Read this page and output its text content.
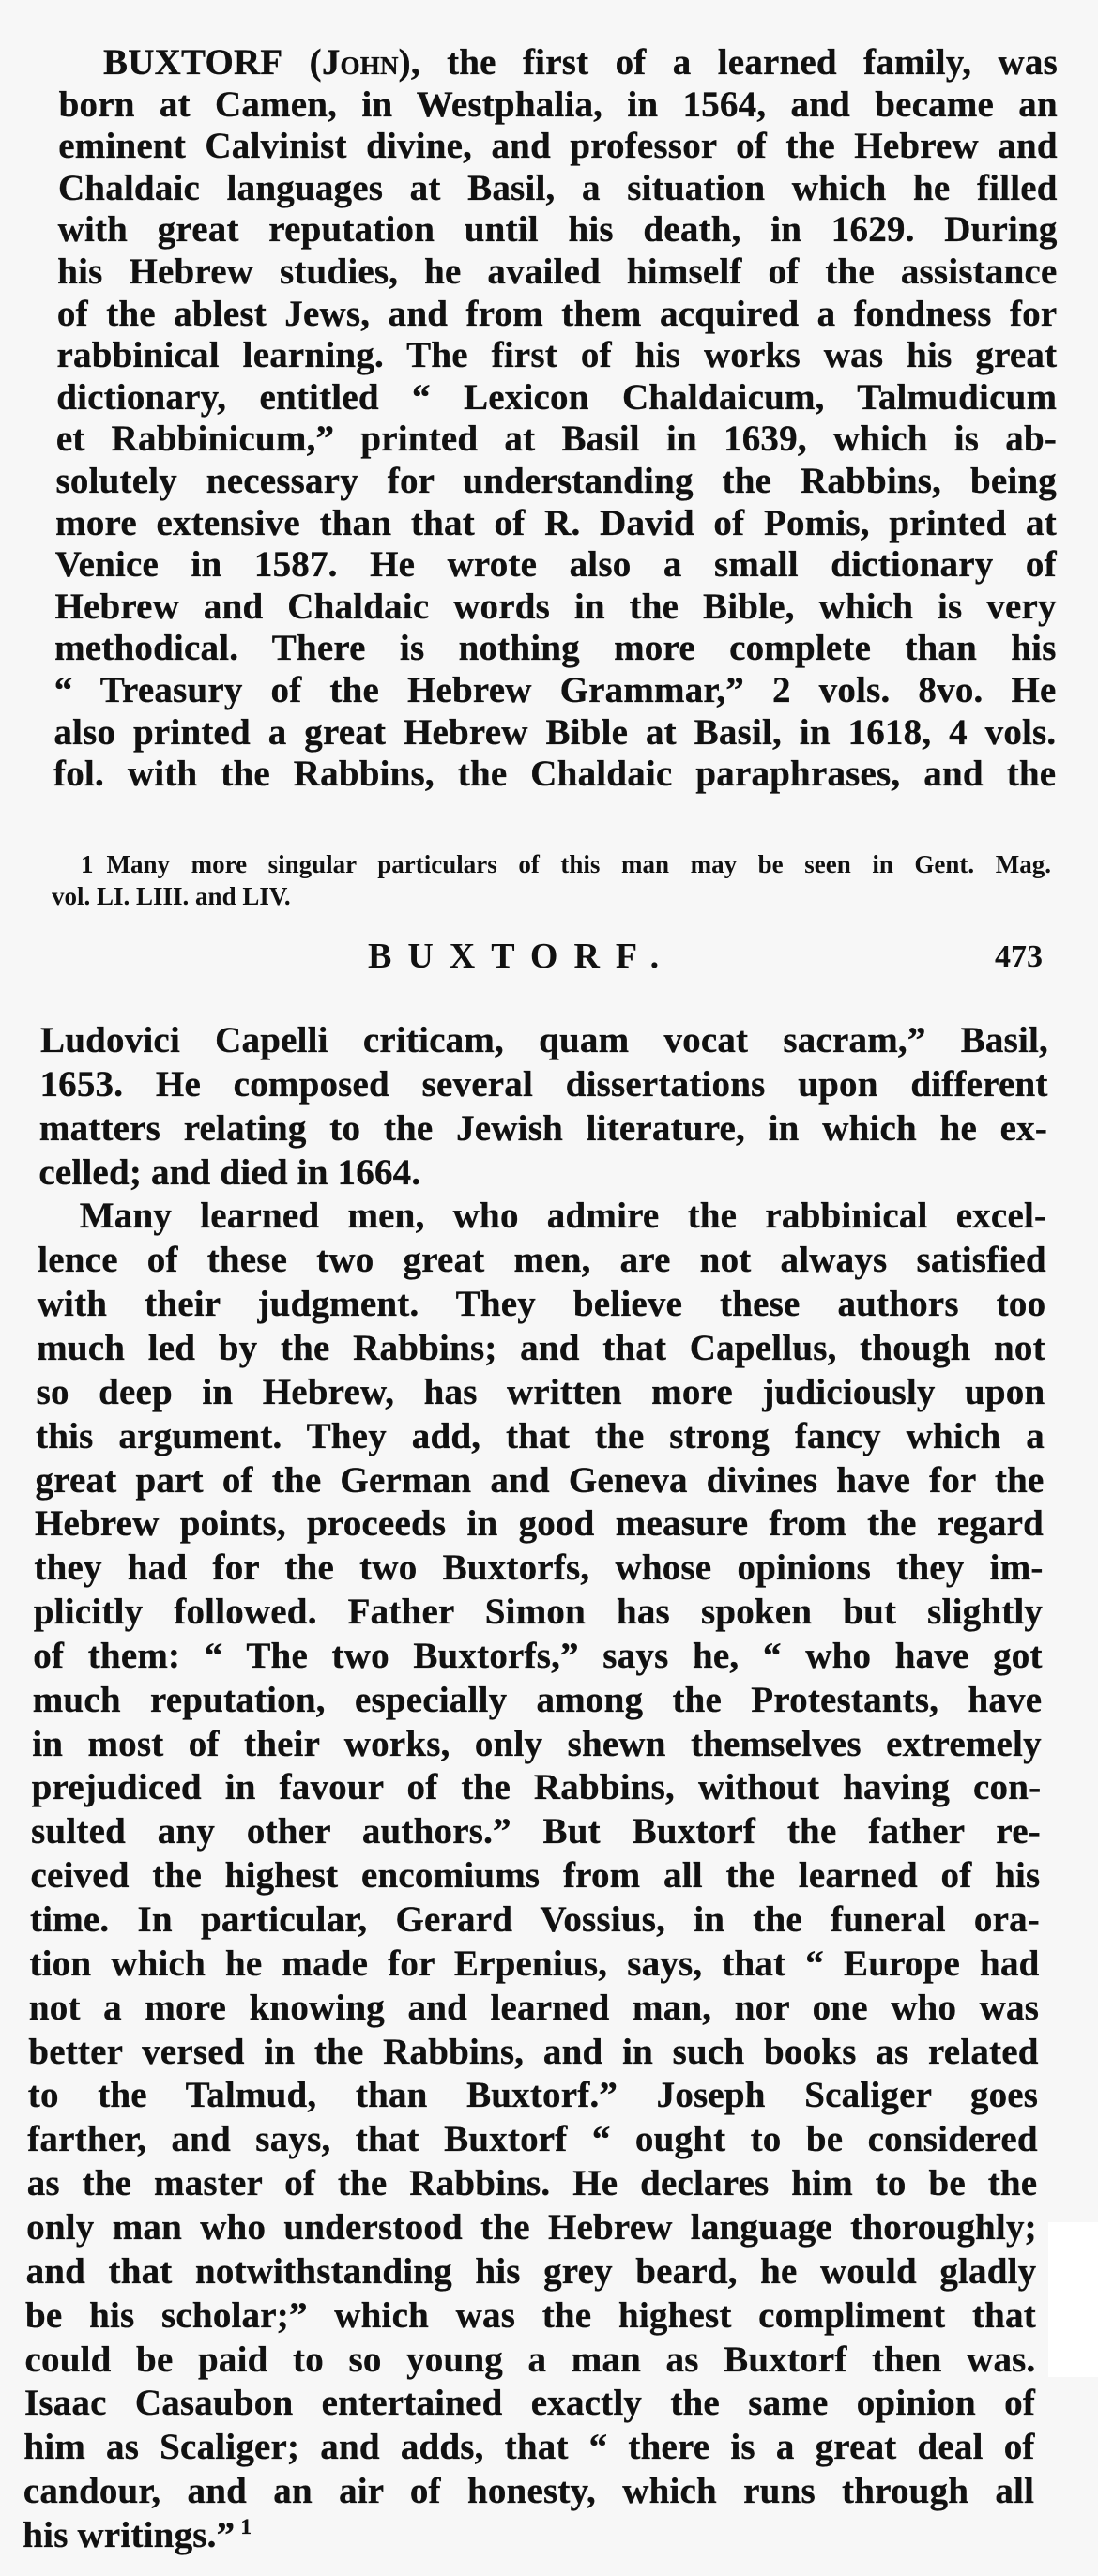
BUXTORF (John), the first of a learned family, was
born at Camen, in Westphalia, in 1564, and became an
eminent Calvinist divine, and professor of the Hebrew and
Chaldaic languages at Basil, a situation which he filled
with great reputation until his death, in 1629. During
his Hebrew studies, he availed himself of the assistance
of the ablest Jews, and from them acquired a fondness for
rabbinical learning. The first of his works was his great
dictionary, entitled “ Lexicon Chaldaicum, Talmudicum
et Rabbinicum,” printed at Basil in 1639, which is ab-
solutely necessary for understanding the Rabbins, being
more extensive than that of R. David of Pomis, printed at
Venice in 1587. He wrote also a small dictionary of
Hebrew and Chaldaic words in the Bible, which is very
methodical. There is nothing more complete than his
“ Treasury of the Hebrew Grammar,” 2 vols. 8vo. He
also printed a great Hebrew Bible at Basil, in 1618, 4 vols.
fol. with the Rabbins, the Chaldaic paraphrases, and the
1 Many more singular particulars of this man may be seen in Gent. Mag.
vol. LI. LIII. and LIV.
BUXTORF.	473
Ludovici Capelli criticam, quam vocat sacram,” Basil,
1653. He composed several dissertations upon different
matters relating to the Jewish literature, in which he ex-
celled; and died in 1664.
Many learned men, who admire the rabbinical excel-
lence of these two great men, are not always satisfied
with their judgment. They believe these authors too
much led by the Rabbins; and that Capellus, though not
so deep in Hebrew, has written more judiciously upon
this argument. They add, that the strong fancy which a
great part of the German and Geneva divines have for the
Hebrew points, proceeds in good measure from the regard
they had for the two Buxtorfs, whose opinions they im-
plicitly followed. Father Simon has spoken but slightly
of them: “ The two Buxtorfs,” says he, “ who have got
much reputation, especially among the Protestants, have
in most of their works, only shewn themselves extremely
prejudiced in favour of the Rabbins, without having con-
sulted any other authors.” But Buxtorf the father re-
ceived the highest encomiums from all the learned of his
time. In particular, Gerard Vossius, in the funeral ora-
tion which he made for Erpenius, says, that “ Europe had
not a more knowing and learned man, nor one who was
better versed in the Rabbins, and in such books as related
to the Talmud, than Buxtorf.” Joseph Scaliger goes
farther, and says, that Buxtorf “ ought to be considered
as the master of the Rabbins. He declares him to be the
only man who understood the Hebrew language thoroughly;
and that notwithstanding his grey beard, he would gladly
be his scholar;” which was the highest compliment that
could be paid to so young a man as Buxtorf then was.
Isaac Casaubon entertained exactly the same opinion of
him as Scaliger; and adds, that “ there is a great deal of
candour, and an air of honesty, which runs through all
his writings.” $^1$
